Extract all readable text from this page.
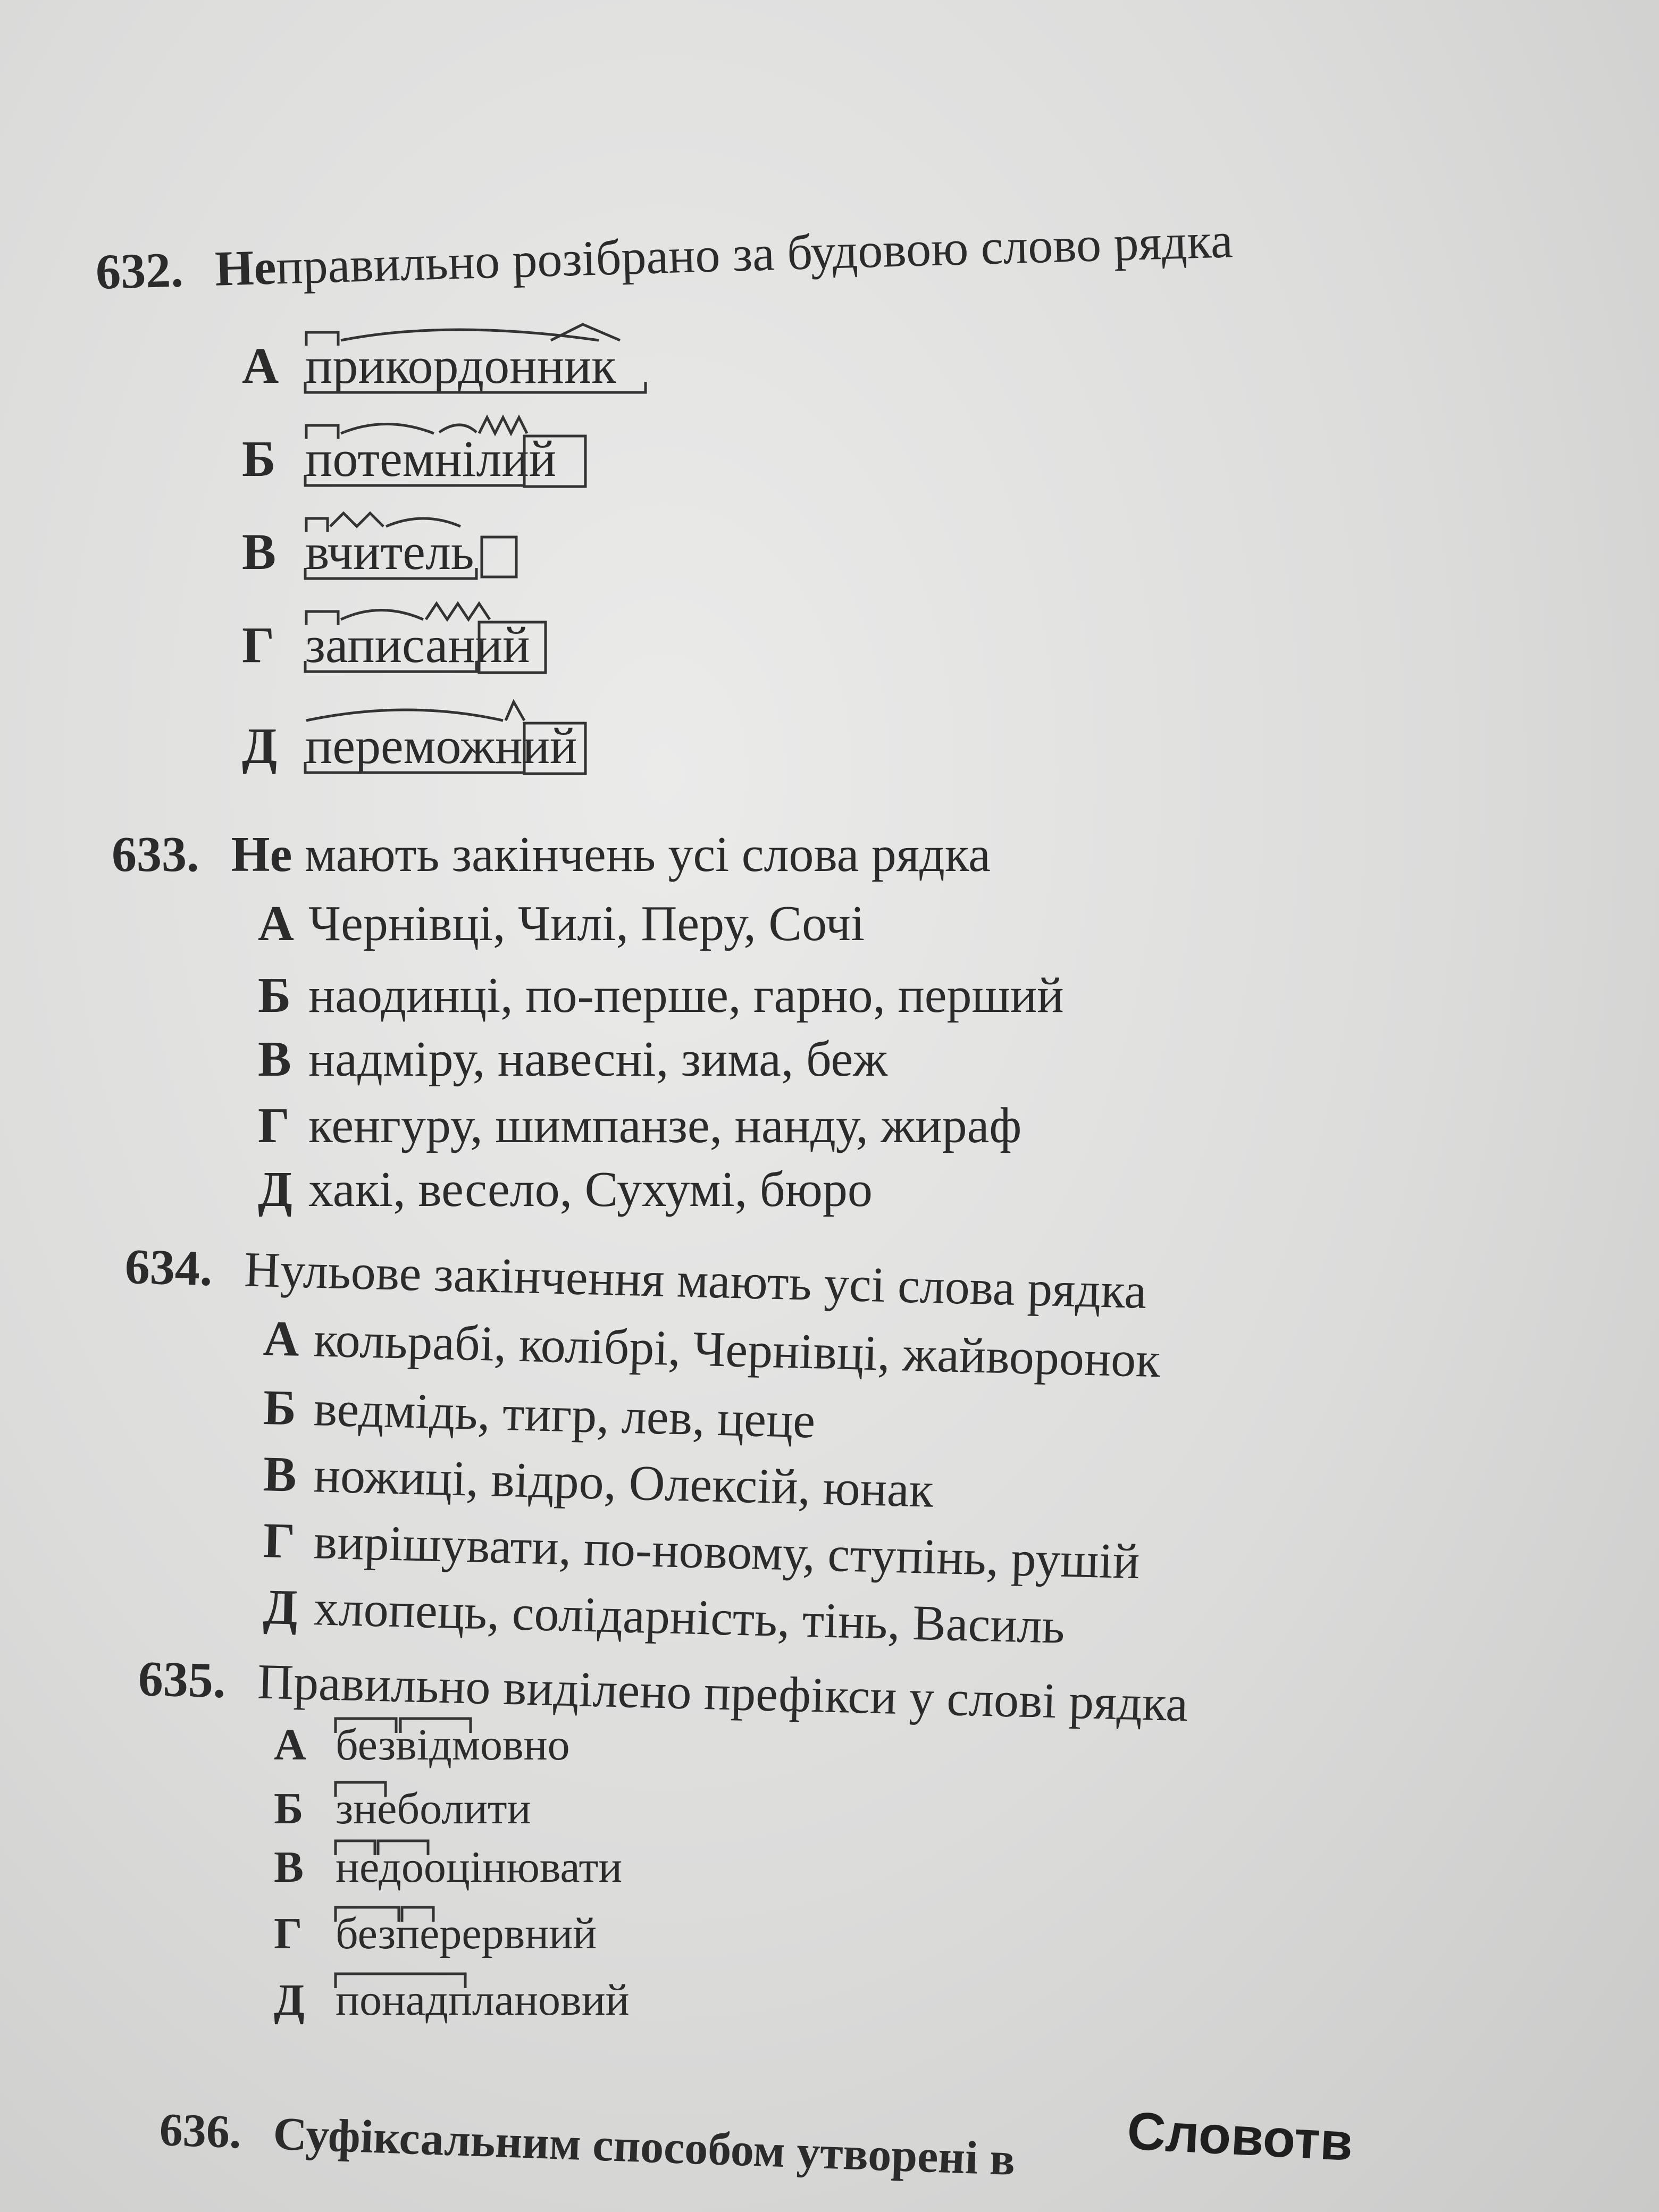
632. Неправильно розібрано за будовою слово рядка
А прикордонник
Б потемнілий
В вчитель
Г записаний
Д переможний
633. Не мають закінчень усі слова рядка
А Чернівці, Чилі, Перу, Сочі
Б наодинці, по-перше, гарно, перший
В надміру, навесні, зима, беж
Г кенгуру, шимпанзе, нанду, жираф
Д хакі, весело, Сухумі, бюро
634. Нульове закінчення мають усі слова рядка
А кольрабі, колібрі, Чернівці, жайворонок
Б ведмідь, тигр, лев, цеце
В ножиці, відро, Олексій, юнак
Г вирішувати, по-новому, ступінь, рушій
Д хлопець, солідарність, тінь, Василь
635. Правильно виділено префікси у слові рядка
А безвідмовно
Б знеболити
В недооцінювати
Г безперервний
Д понадплановий
636. Суфіксальним способом утворені в Словотв
